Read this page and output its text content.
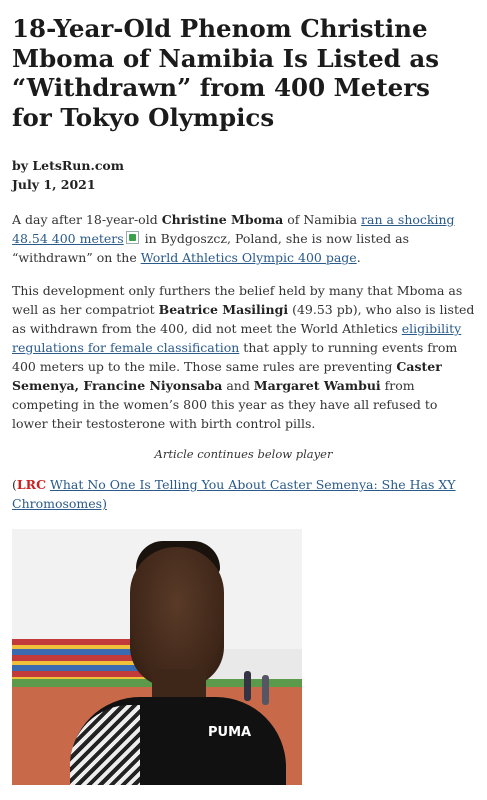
18-Year-Old Phenom Christine Mboma of Namibia Is Listed as “Withdrawn” from 400 Meters for Tokyo Olympics
by LetsRun.com
July 1, 2021

A day after 18-year-old Christine Mboma of Namibia ran a shocking 48.54 400 meters in Bydgoszcz, Poland, she is now listed as “withdrawn” on the World Athletics Olympic 400 page.

This development only furthers the belief held by many that Mboma as well as her compatriot Beatrice Masilingi (49.53 pb), who also is listed as withdrawn from the 400, did not meet the World Athletics eligibility regulations for female classification that apply to running events from 400 meters up to the mile. Those same rules are preventing Caster Semenya, Francine Niyonsaba and Margaret Wambui from competing in the women’s 800 this year as they have all refused to lower their testosterone with birth control pills.

Article continues below player
(LRC What No One Is Telling You About Caster Semenya: She Has XY Chromosomes)
PUMA
